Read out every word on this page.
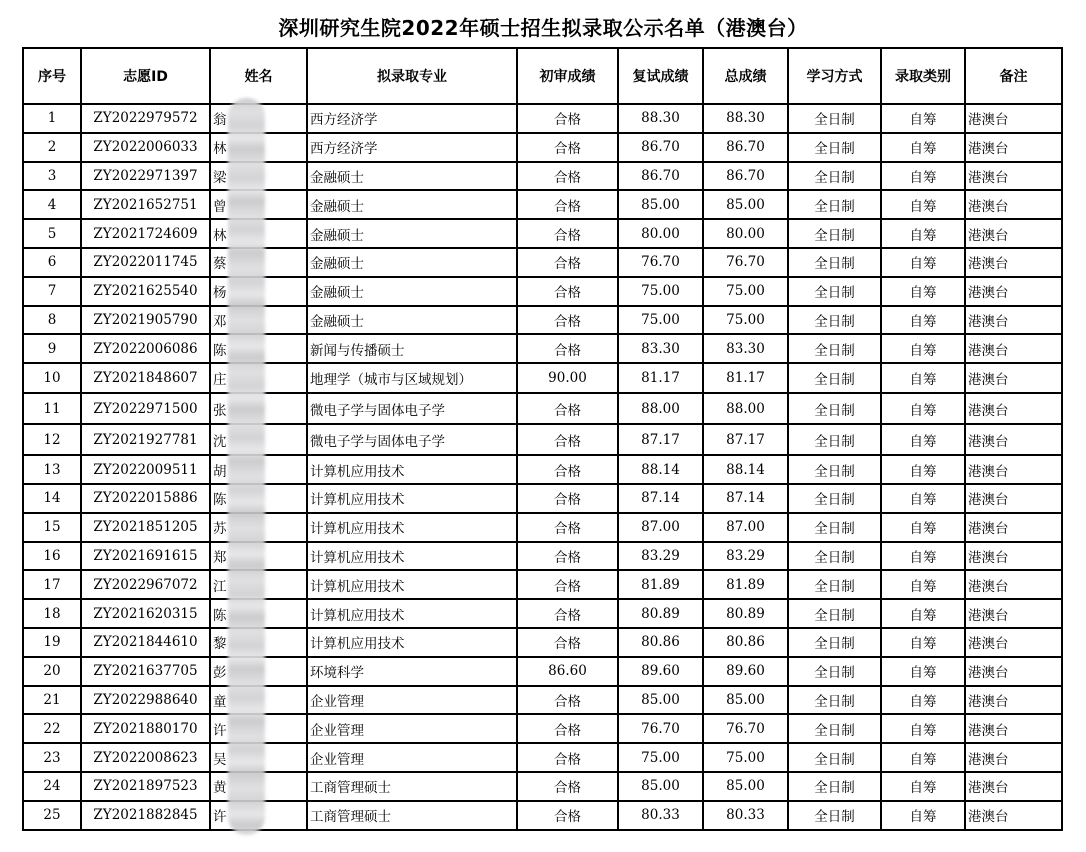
深圳研究生院2022年硕士招生拟录取公示名单（港澳台）
序号	志愿ID	姓名	拟录取专业	初审成绩	复试成绩	总成绩	学习方式	录取类别	备注
1	ZY2022979572	翁	西方经济学	合格	88.30	88.30	全日制	自筹	港澳台
2	ZY2022006033	林	西方经济学	合格	86.70	86.70	全日制	自筹	港澳台
3	ZY2022971397	梁	金融硕士	合格	86.70	86.70	全日制	自筹	港澳台
4	ZY2021652751	曾	金融硕士	合格	85.00	85.00	全日制	自筹	港澳台
5	ZY2021724609	林	金融硕士	合格	80.00	80.00	全日制	自筹	港澳台
6	ZY2022011745	蔡	金融硕士	合格	76.70	76.70	全日制	自筹	港澳台
7	ZY2021625540	杨	金融硕士	合格	75.00	75.00	全日制	自筹	港澳台
8	ZY2021905790	邓	金融硕士	合格	75.00	75.00	全日制	自筹	港澳台
9	ZY2022006086	陈	新闻与传播硕士	合格	83.30	83.30	全日制	自筹	港澳台
10	ZY2021848607	庄	地理学（城市与区域规划）	90.00	81.17	81.17	全日制	自筹	港澳台
11	ZY2022971500	张	微电子学与固体电子学	合格	88.00	88.00	全日制	自筹	港澳台
12	ZY2021927781	沈	微电子学与固体电子学	合格	87.17	87.17	全日制	自筹	港澳台
13	ZY2022009511	胡	计算机应用技术	合格	88.14	88.14	全日制	自筹	港澳台
14	ZY2022015886	陈	计算机应用技术	合格	87.14	87.14	全日制	自筹	港澳台
15	ZY2021851205	苏	计算机应用技术	合格	87.00	87.00	全日制	自筹	港澳台
16	ZY2021691615	郑	计算机应用技术	合格	83.29	83.29	全日制	自筹	港澳台
17	ZY2022967072	江	计算机应用技术	合格	81.89	81.89	全日制	自筹	港澳台
18	ZY2021620315	陈	计算机应用技术	合格	80.89	80.89	全日制	自筹	港澳台
19	ZY2021844610	黎	计算机应用技术	合格	80.86	80.86	全日制	自筹	港澳台
20	ZY2021637705	彭	环境科学	86.60	89.60	89.60	全日制	自筹	港澳台
21	ZY2022988640	童	企业管理	合格	85.00	85.00	全日制	自筹	港澳台
22	ZY2021880170	许	企业管理	合格	76.70	76.70	全日制	自筹	港澳台
23	ZY2022008623	吴	企业管理	合格	75.00	75.00	全日制	自筹	港澳台
24	ZY2021897523	黄	工商管理硕士	合格	85.00	85.00	全日制	自筹	港澳台
25	ZY2021882845	许	工商管理硕士	合格	80.33	80.33	全日制	自筹	港澳台
